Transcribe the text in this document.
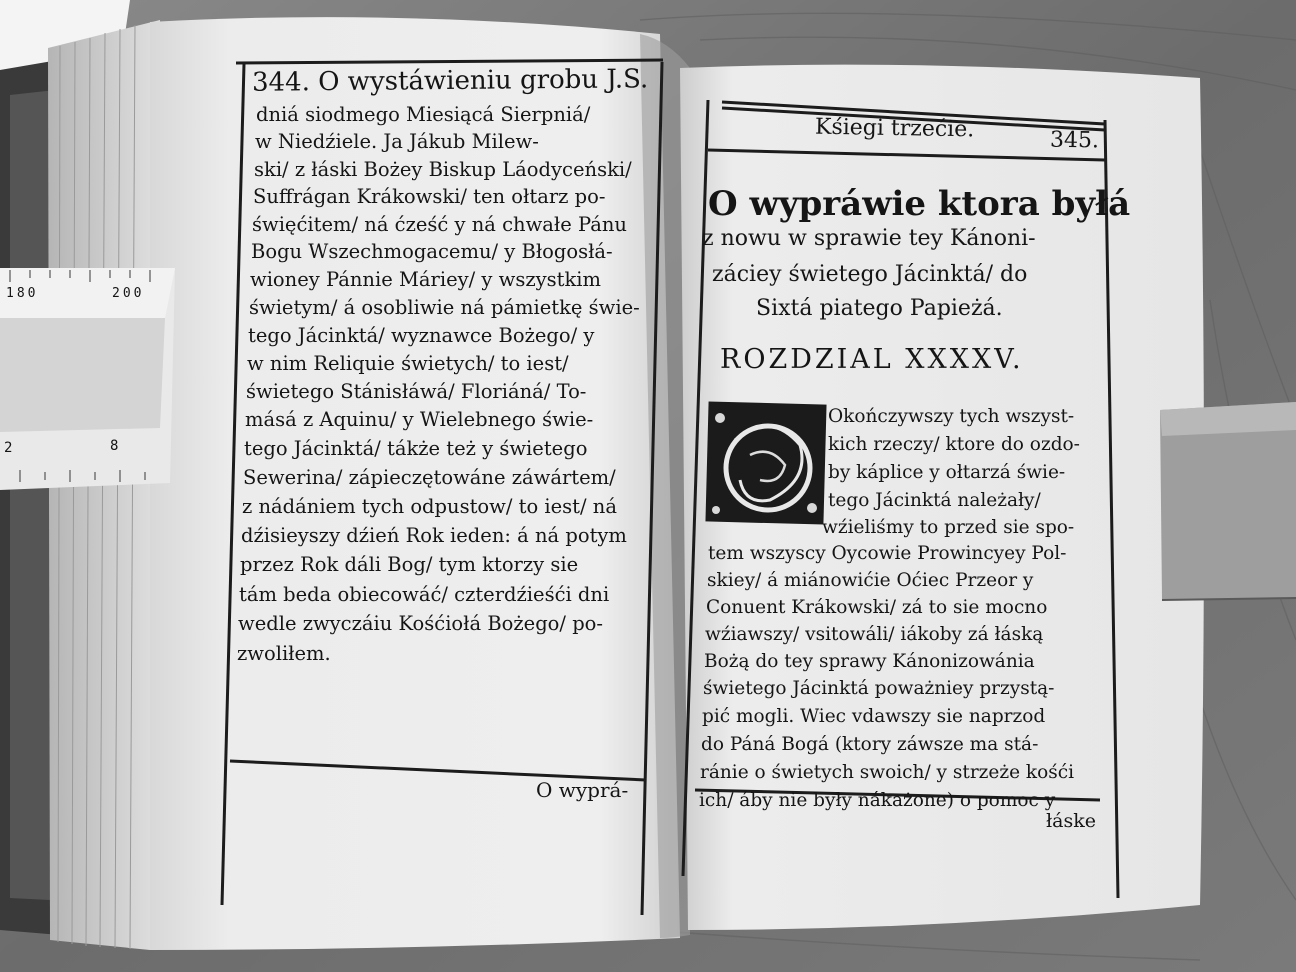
180	200
2	8
344. O wystáwieniu grobu J.S.
dniá siodmego Miesiącá Sierpniá/
w Niedźiele. Ja Jákub Milew-
ski/ z łáski Bożey Biskup Láodyceński/
Suffrágan Krákowski/ ten ołtarz po-
święćitem/ ná ćześć y ná chwałe Pánu
Bogu Wszechmogacemu/ y Błogosłá-
wioney Pánnie Máriey/ y wszystkim
świetym/ á osobliwie ná pámietkę świe-
tego Jácinktá/ wyznawce Bożego/ y
w nim Reliquie świetych/ to iest/
świetego Stánisłáwá/ Floriáná/ To-
másá z Aquinu/ y Wielebnego świe-
tego Jácinktá/ tákże też y świetego
Sewerina/ zápieczętowáne záwártem/
z nádániem tych odpustow/ to iest/ ná
dźisieyszy dźień Rok ieden: á ná potym
przez Rok dáli Bog/ tym ktorzy sie
tám beda obiecowáć/ czterdźieśći dni
wedle zwyczáiu Kośćiołá Bożego/ po-
zwoliłem.
O wyprá-
Kśiegi trzećie.	345.
O wypráwie ktora byłá
z nowu w sprawie tey Kánoni-
záciey świetego Jácinktá/ do
Sixtá piatego Papieżá.
ROZDZIAL XXXXV.
Okończywszy tych wszyst-
kich rzeczy/ ktore do ozdo-
by káplice y ołtarzá świe-
tego Jácinktá należały/
wźieliśmy to przed sie spo-
tem wszyscy Oycowie Prowincyey Pol-
skiey/ á miánowićie Oćiec Przeor y
Conuent Krákowski/ zá to sie mocno
wźiawszy/ vsitowáli/ iákoby zá łáską
Bożą do tey sprawy Kánonizowánia
świetego Jácinktá poważniey przystą-
pić mogli. Wiec vdawszy sie naprzod
do Páná Bogá (ktory záwsze ma stá-
ránie o świetych swoich/ y strzeże kośći
ich/ áby nie były nákażone) o pomoc y
łáske
